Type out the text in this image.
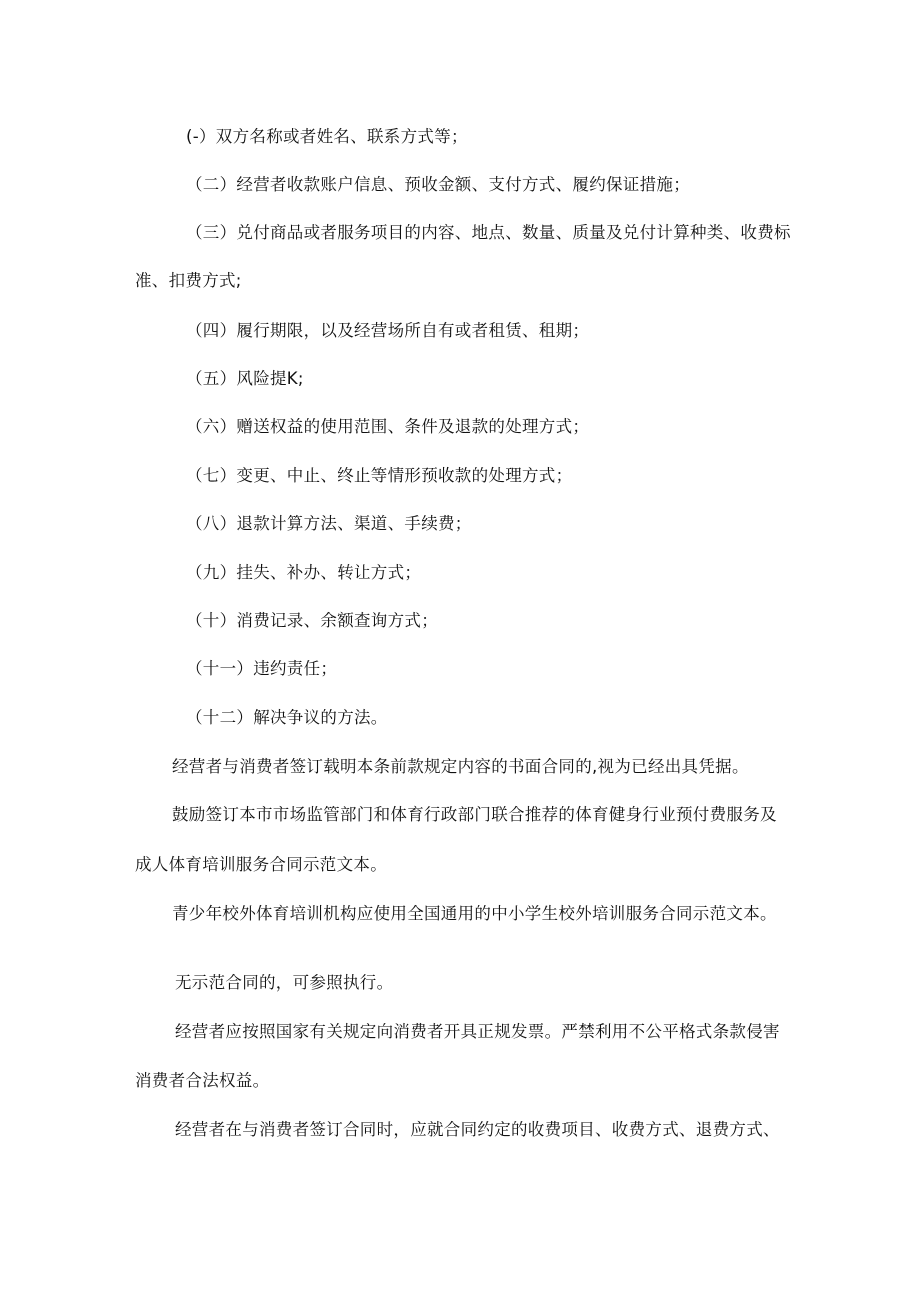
(-）双方名称或者姓名、联系方式等；
（二）经营者收款账户信息、预收金额、支付方式、履约保证措施；
（三）兑付商品或者服务项目的内容、地点、数量、质量及兑付计算种类、收费标
准、扣费方式;
（四）履行期限，以及经营场所自有或者租赁、租期；
（五）风险提K;
（六）赠送权益的使用范围、条件及退款的处理方式；
（七）变更、中止、终止等情形预收款的处理方式；
（八）退款计算方法、渠道、手续费；
（九）挂失、补办、转让方式；
（十）消费记录、余额查询方式；
（十一）违约责任；
（十二）解决争议的方法。
经营者与消费者签订载明本条前款规定内容的书面合同的,视为已经出具凭据。
鼓励签订本市市场监管部门和体育行政部门联合推荐的体育健身行业预付费服务及
成人体育培训服务合同示范文本。
青少年校外体育培训机构应使用全国通用的中小学生校外培训服务合同示范文本。
无示范合同的，可参照执行。
经营者应按照国家有关规定向消费者开具正规发票。严禁利用不公平格式条款侵害
消费者合法权益。
经营者在与消费者签订合同时，应就合同约定的收费项目、收费方式、退费方式、
